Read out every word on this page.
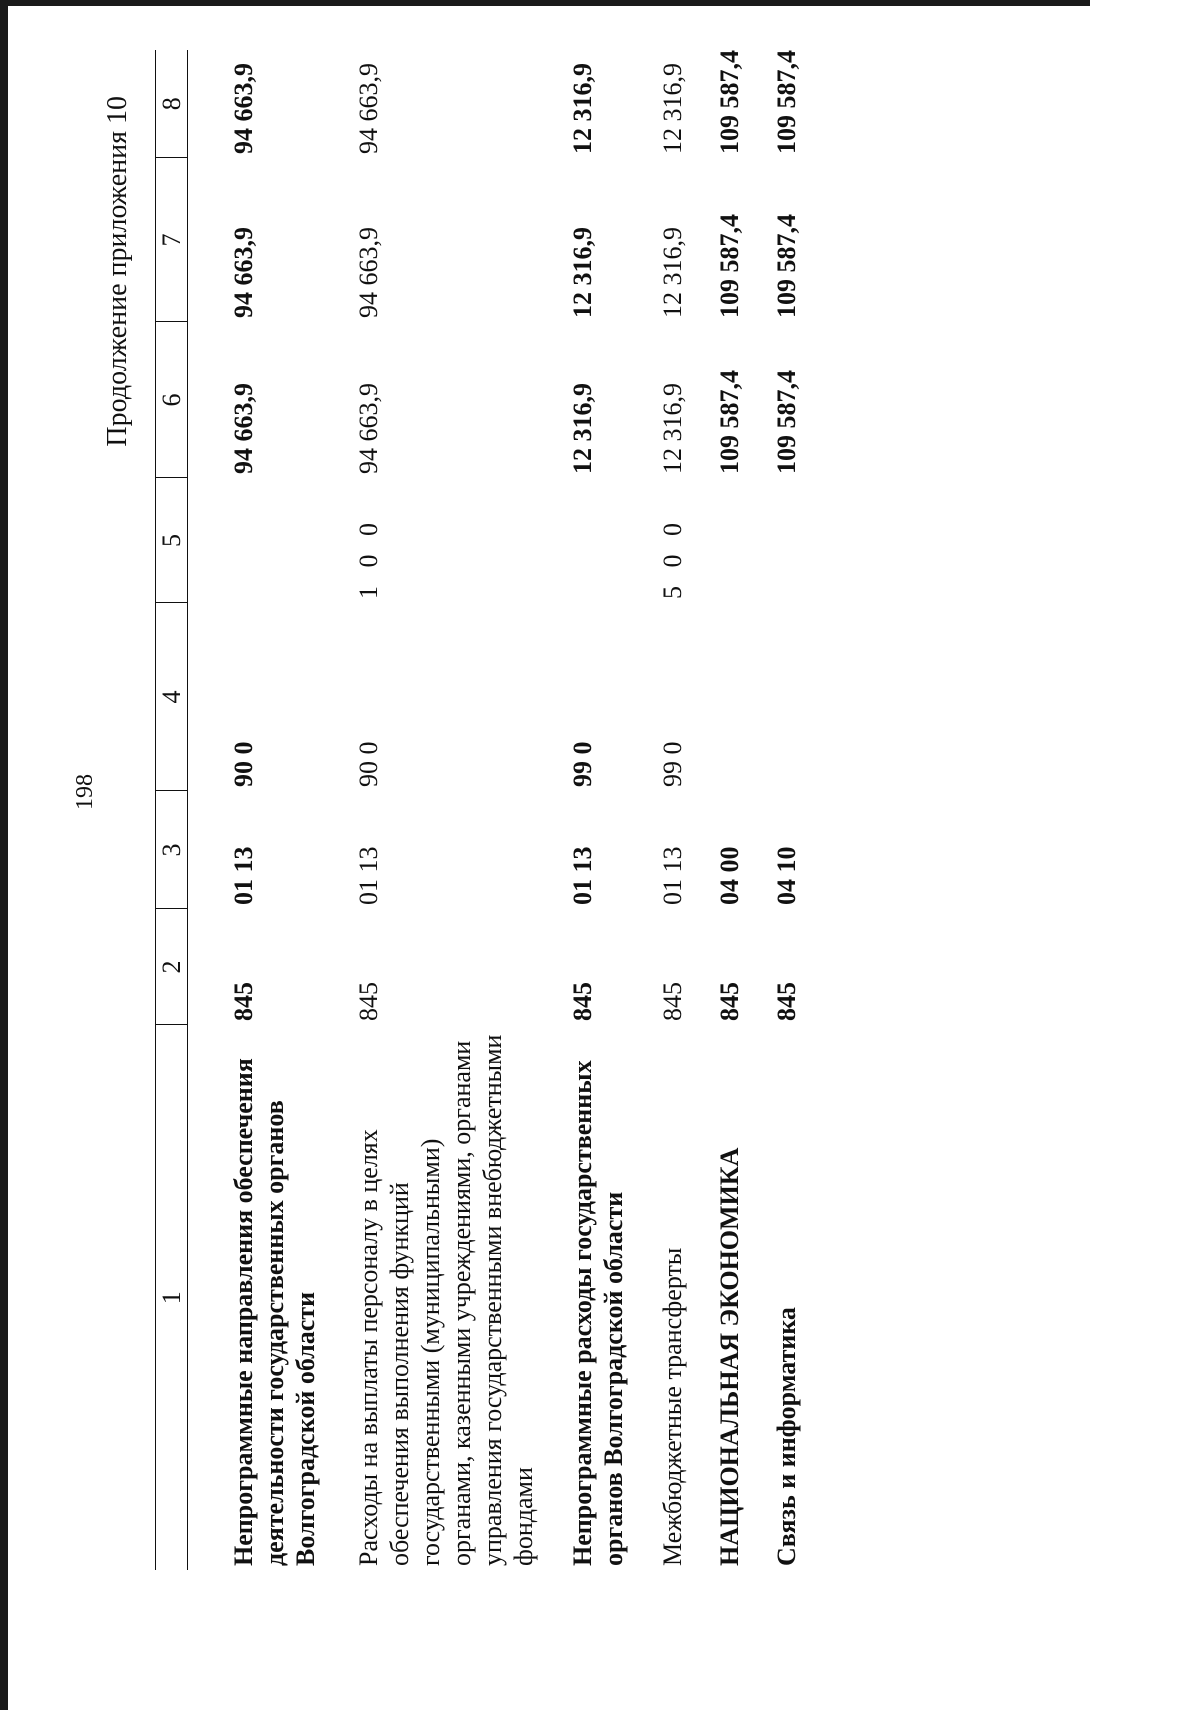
198
Продолжение приложения 10
1	2	3	4	5	6	7	8
Непрограммные направления обеспечения деятельности государственных органов Волгоградской области	845	01 13	90 0		94 663,9	94 663,9	94 663,9
Расходы на выплаты персоналу в целях обеспечения выполнения функций государственными (муниципальными) органами, казенными учреждениями, органами управления государственными внебюджетными фондами	845	01 13	90 0	1 0 0	94 663,9	94 663,9	94 663,9
Непрограммные расходы государственных органов Волгоградской области	845	01 13	99 0		12 316,9	12 316,9	12 316,9
Межбюджетные трансферты	845	01 13	99 0	5 0 0	12 316,9	12 316,9	12 316,9
НАЦИОНАЛЬНАЯ ЭКОНОМИКА	845	04 00			109 587,4	109 587,4	109 587,4
Связь и информатика	845	04 10			109 587,4	109 587,4	109 587,4
